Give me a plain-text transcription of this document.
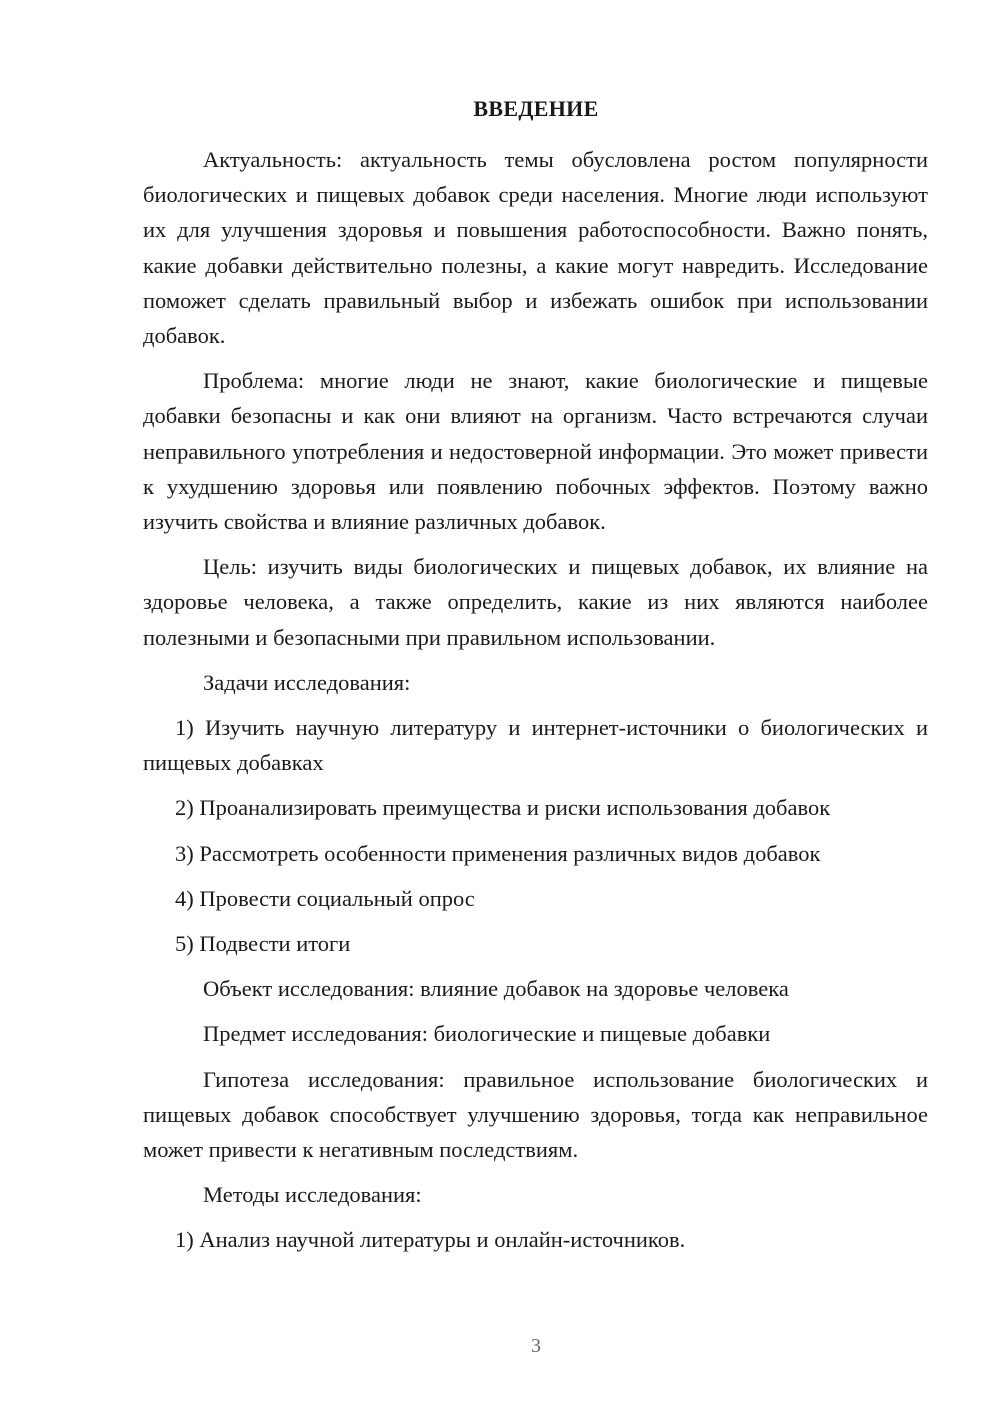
ВВЕДЕНИЕ

Актуальность: актуальность темы обусловлена ростом популярности биологических и пищевых добавок среди населения. Многие люди используют их для улучшения здоровья и повышения работоспособности. Важно понять, какие добавки действительно полезны, а какие могут навредить. Исследование поможет сделать правильный выбор и избежать ошибок при использовании добавок.

Проблема: многие люди не знают, какие биологические и пищевые добавки безопасны и как они влияют на организм. Часто встречаются случаи неправильного употребления и недостоверной информации. Это может привести к ухудшению здоровья или появлению побочных эффектов. Поэтому важно изучить свойства и влияние различных добавок.

Цель: изучить виды биологических и пищевых добавок, их влияние на здоровье человека, а также определить, какие из них являются наиболее полезными и безопасными при правильном использовании.

Задачи исследования:

1) Изучить научную литературу и интернет-источники о биологических и пищевых добавках

2) Проанализировать преимущества и риски использования добавок

3) Рассмотреть особенности применения различных видов добавок

4) Провести социальный опрос

5) Подвести итоги

Объект исследования: влияние добавок на здоровье человека

Предмет исследования: биологические и пищевые добавки

Гипотеза исследования: правильное использование биологических и пищевых добавок способствует улучшению здоровья, тогда как неправильное может привести к негативным последствиям.

Методы исследования:

1) Анализ научной литературы и онлайн-источников.

3
